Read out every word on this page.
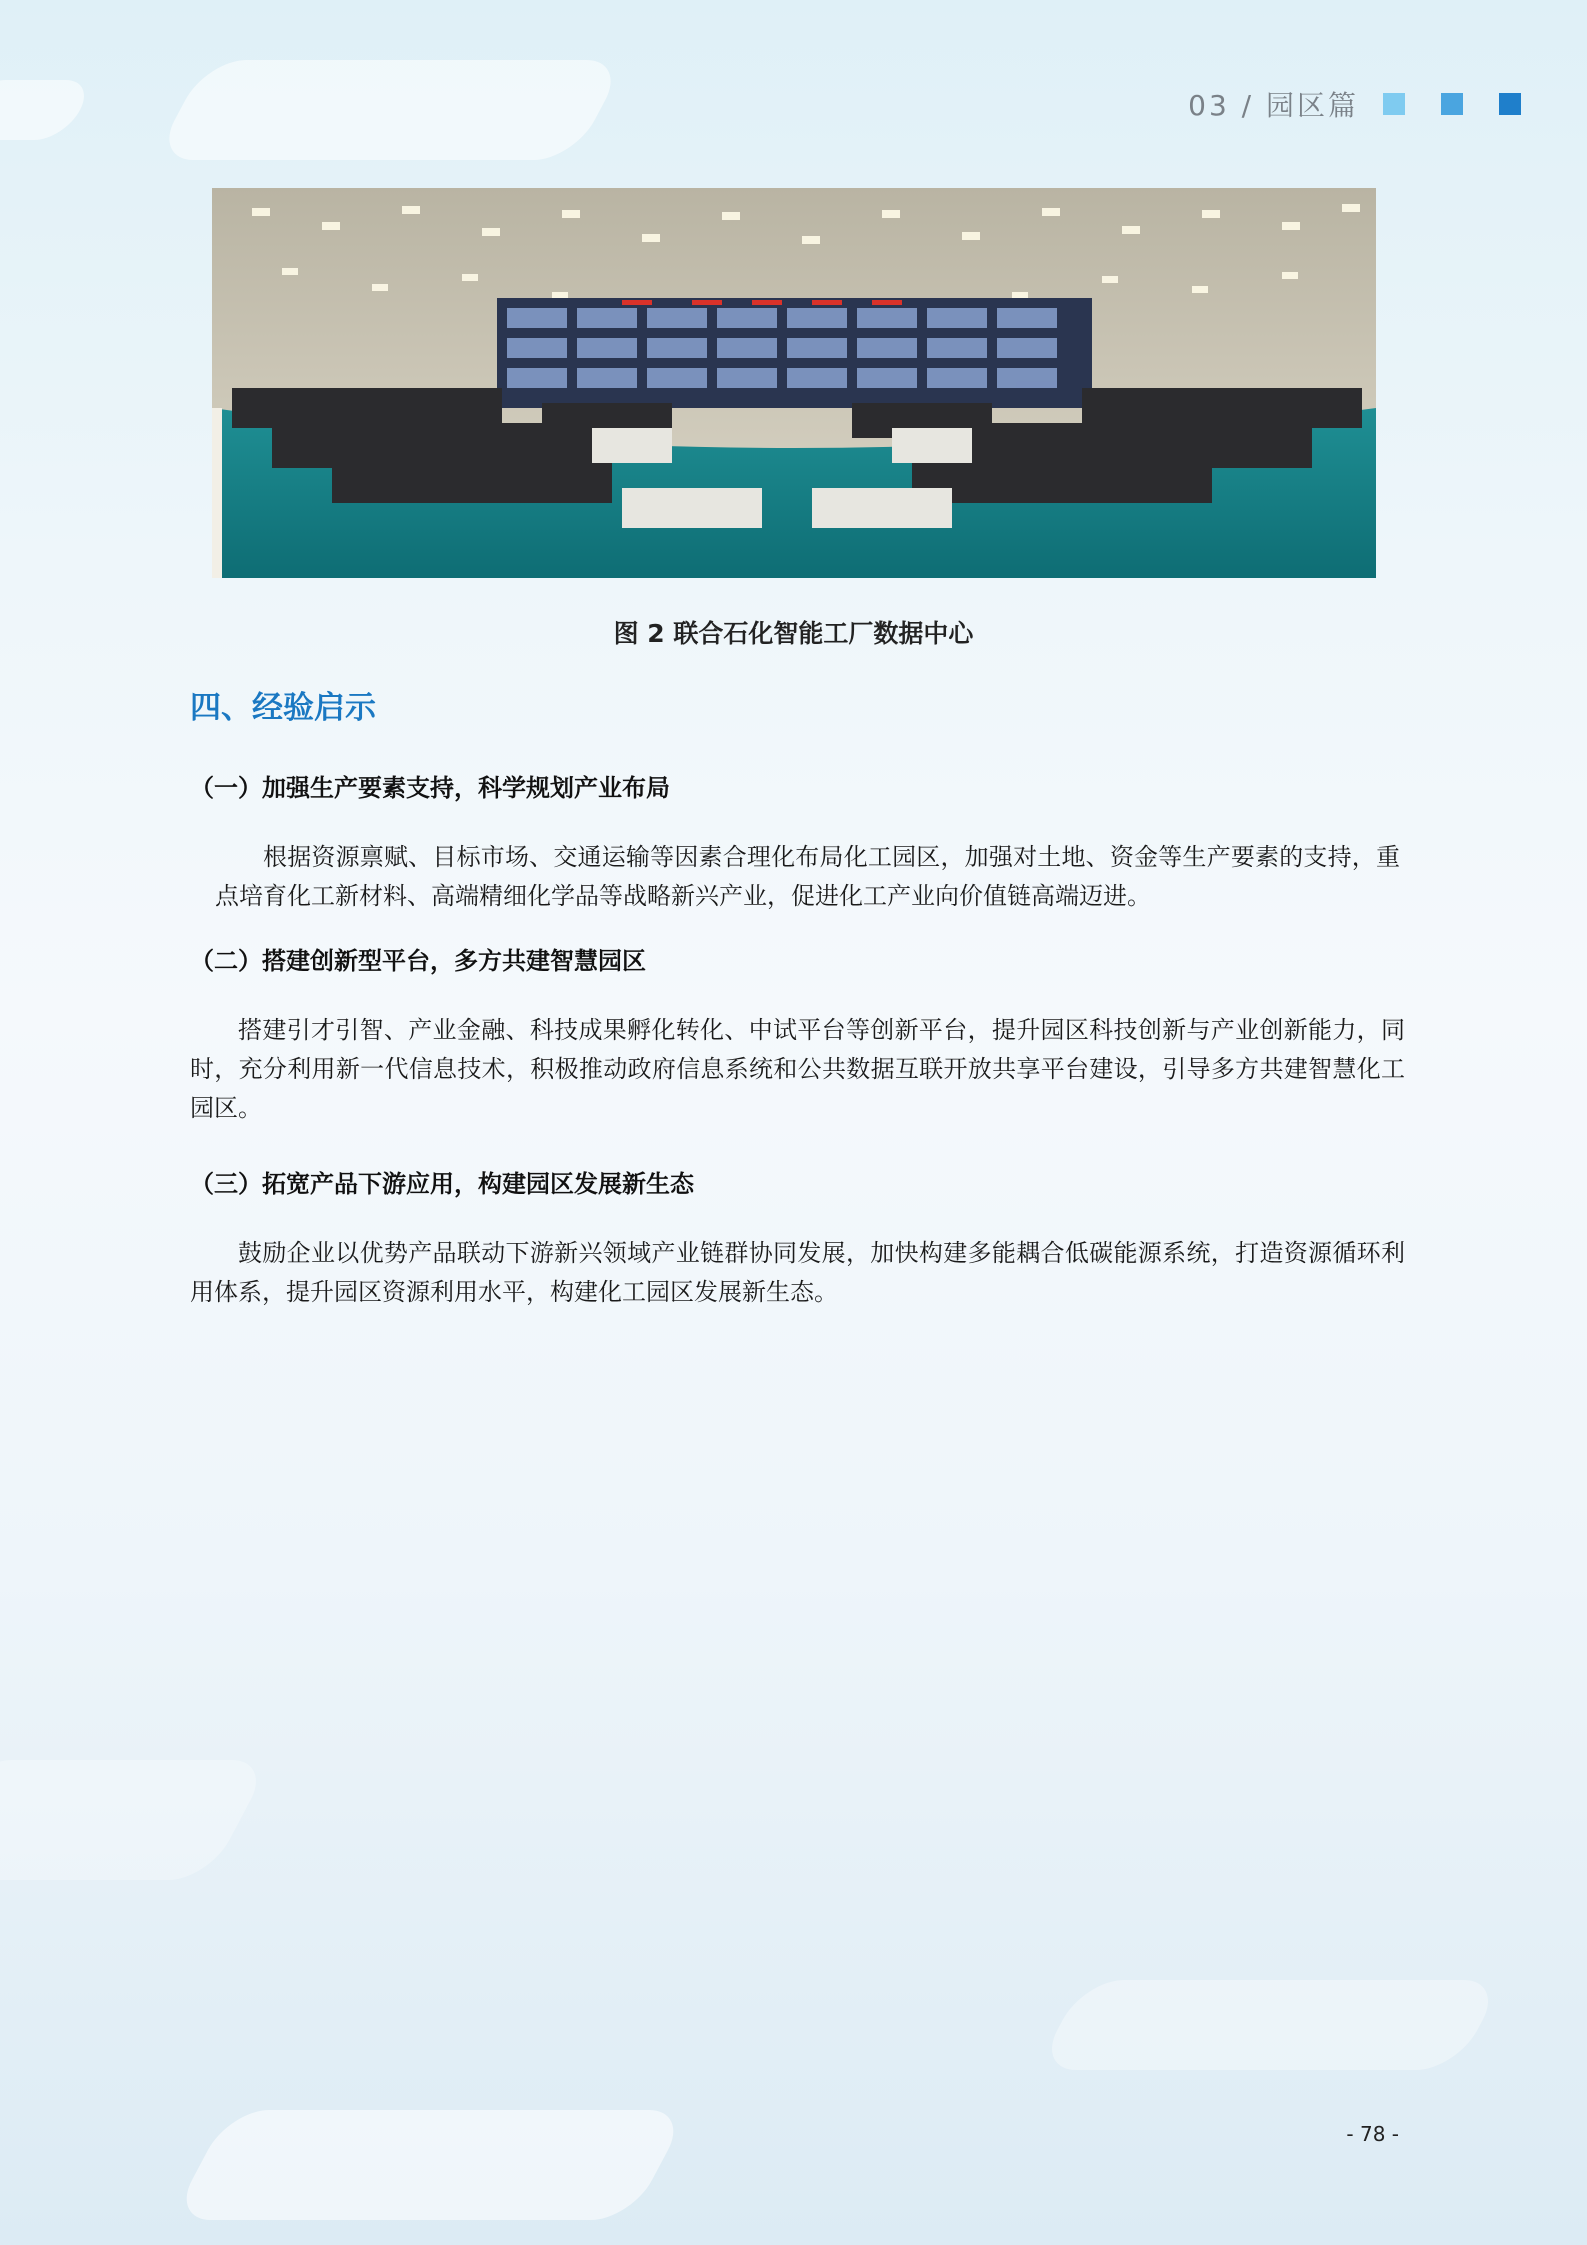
03 / 园区篇
图 2 联合石化智能工厂数据中心
四、经验启示
（一）加强生产要素支持，科学规划产业布局
根据资源禀赋、目标市场、交通运输等因素合理化布局化工园区，加强对土地、资金等生产要素的支持，重点培育化工新材料、高端精细化学品等战略新兴产业，促进化工产业向价值链高端迈进。
（二）搭建创新型平台，多方共建智慧园区
搭建引才引智、产业金融、科技成果孵化转化、中试平台等创新平台，提升园区科技创新与产业创新能力，同时，充分利用新一代信息技术，积极推动政府信息系统和公共数据互联开放共享平台建设，引导多方共建智慧化工园区。
（三）拓宽产品下游应用，构建园区发展新生态
鼓励企业以优势产品联动下游新兴领域产业链群协同发展，加快构建多能耦合低碳能源系统，打造资源循环利用体系，提升园区资源利用水平，构建化工园区发展新生态。
- 78 -
